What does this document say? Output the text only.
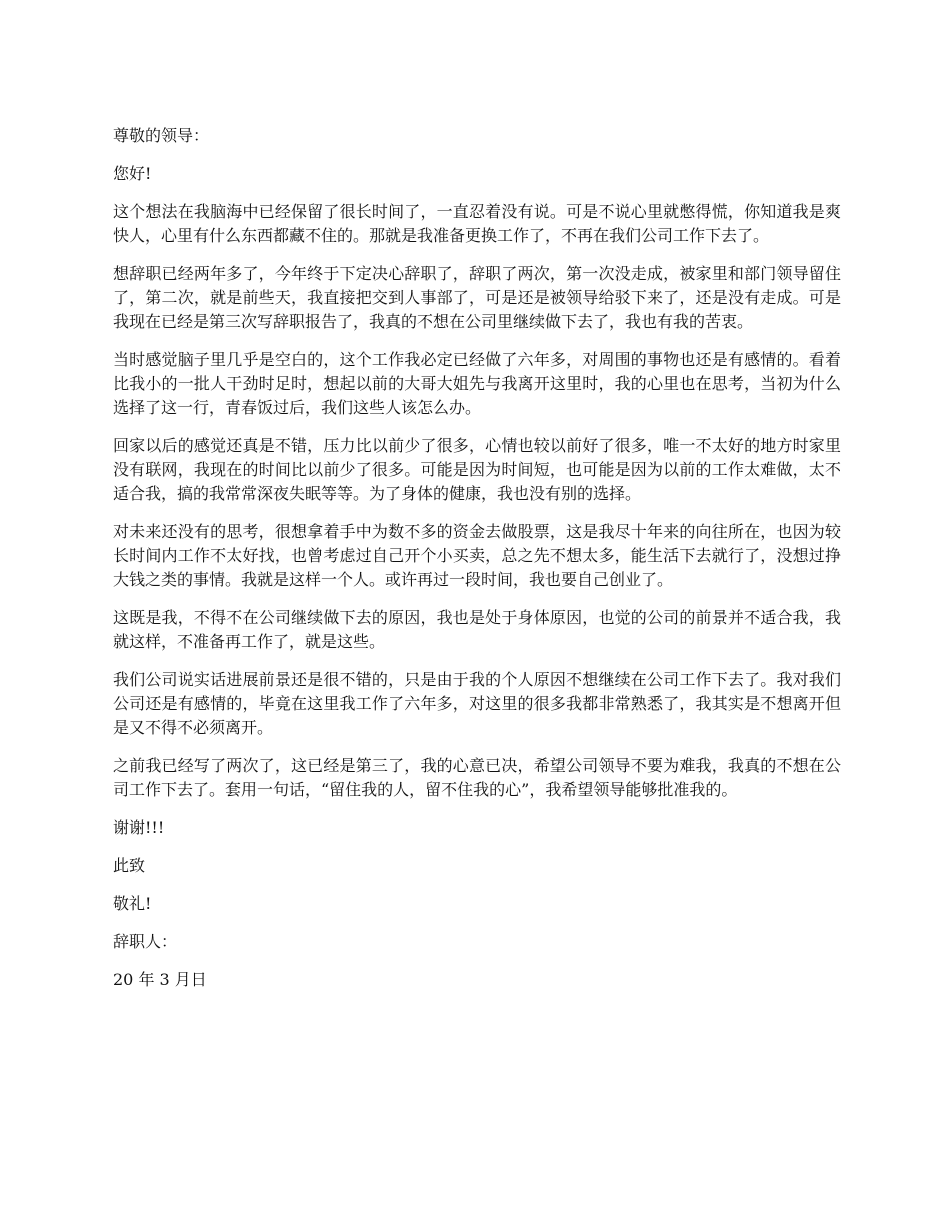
尊敬的领导：

您好!

这个想法在我脑海中已经保留了很长时间了，一直忍着没有说。可是不说心里就憋得慌，你知道我是爽快人，心里有什么东西都藏不住的。那就是我准备更换工作了，不再在我们公司工作下去了。

想辞职已经两年多了，今年终于下定决心辞职了，辞职了两次，第一次没走成，被家里和部门领导留住了，第二次，就是前些天，我直接把交到人事部了，可是还是被领导给驳下来了，还是没有走成。可是我现在已经是第三次写辞职报告了，我真的不想在公司里继续做下去了，我也有我的苦衷。

当时感觉脑子里几乎是空白的，这个工作我必定已经做了六年多，对周围的事物也还是有感情的。看着比我小的一批人干劲时足时，想起以前的大哥大姐先与我离开这里时，我的心里也在思考，当初为什么选择了这一行，青春饭过后，我们这些人该怎么办。

回家以后的感觉还真是不错，压力比以前少了很多，心情也较以前好了很多，唯一不太好的地方时家里没有联网，我现在的时间比以前少了很多。可能是因为时间短，也可能是因为以前的工作太难做，太不适合我，搞的我常常深夜失眠等等。为了身体的健康，我也没有别的选择。

对未来还没有的思考，很想拿着手中为数不多的资金去做股票，这是我尽十年来的向往所在，也因为较长时间内工作不太好找，也曾考虑过自己开个小买卖，总之先不想太多，能生活下去就行了，没想过挣大钱之类的事情。我就是这样一个人。或许再过一段时间，我也要自己创业了。

这既是我，不得不在公司继续做下去的原因，我也是处于身体原因，也觉的公司的前景并不适合我，我就这样，不准备再工作了，就是这些。

我们公司说实话进展前景还是很不错的，只是由于我的个人原因不想继续在公司工作下去了。我对我们公司还是有感情的，毕竟在这里我工作了六年多，对这里的很多我都非常熟悉了，我其实是不想离开但是又不得不必须离开。

之前我已经写了两次了，这已经是第三了，我的心意已决，希望公司领导不要为难我，我真的不想在公司工作下去了。套用一句话，“留住我的人，留不住我的心”，我希望领导能够批准我的。

谢谢!!!

此致

敬礼!

辞职人：

20 年 3 月日
